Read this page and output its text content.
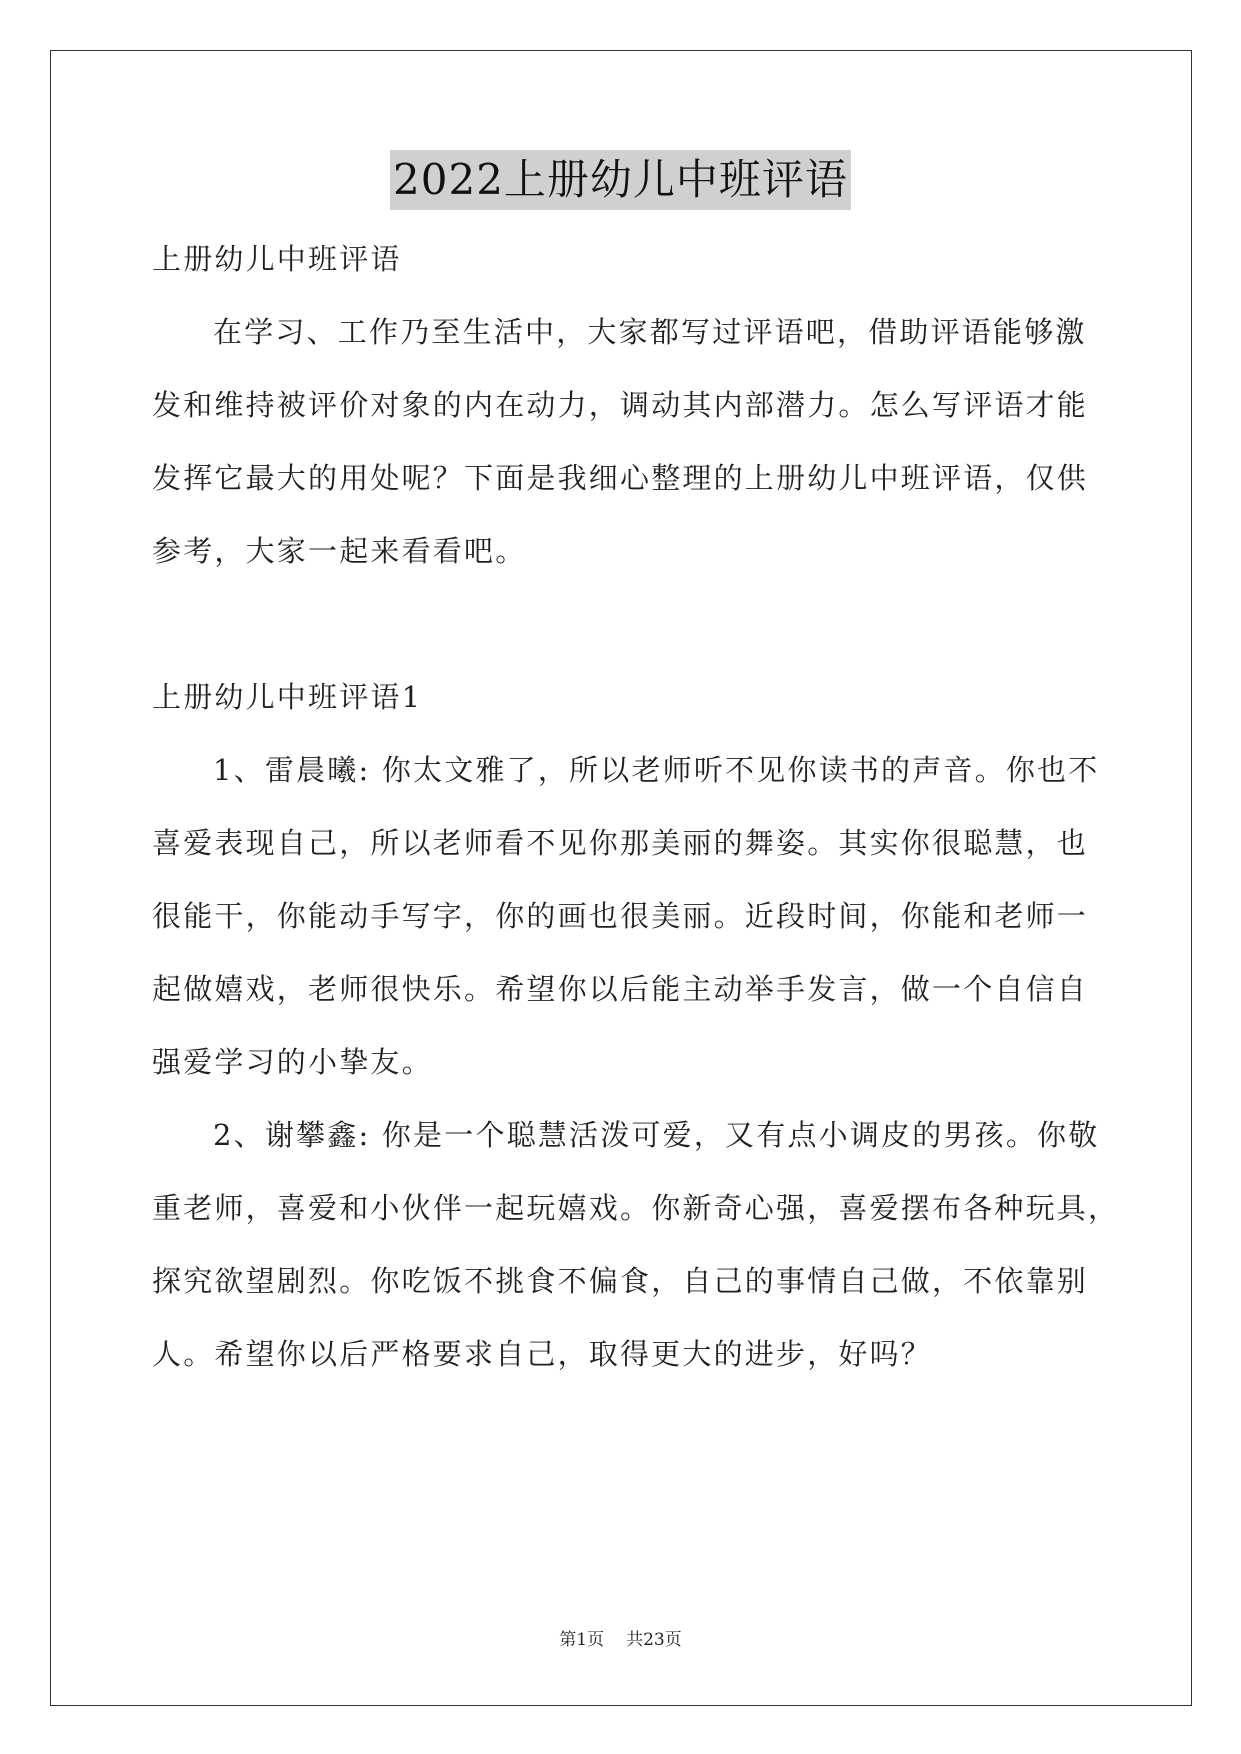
2022上册幼儿中班评语
上册幼儿中班评语
在学习、工作乃至生活中，大家都写过评语吧，借助评语能够激
发和维持被评价对象的内在动力，调动其内部潜力。怎么写评语才能
发挥它最大的用处呢？下面是我细心整理的上册幼儿中班评语，仅供
参考，大家一起来看看吧。
上册幼儿中班评语1
1、雷晨曦: 你太文雅了，所以老师听不见你读书的声音。你也不
喜爱表现自己，所以老师看不见你那美丽的舞姿。其实你很聪慧，也
很能干，你能动手写字，你的画也很美丽。近段时间，你能和老师一
起做嬉戏，老师很快乐。希望你以后能主动举手发言，做一个自信自
强爱学习的小挚友。
2、谢攀鑫: 你是一个聪慧活泼可爱，又有点小调皮的男孩。你敬
重老师，喜爱和小伙伴一起玩嬉戏。你新奇心强，喜爱摆布各种玩具，
探究欲望剧烈。你吃饭不挑食不偏食，自己的事情自己做，不依靠别
人。希望你以后严格要求自己，取得更大的进步，好吗？
第1页 共23页
